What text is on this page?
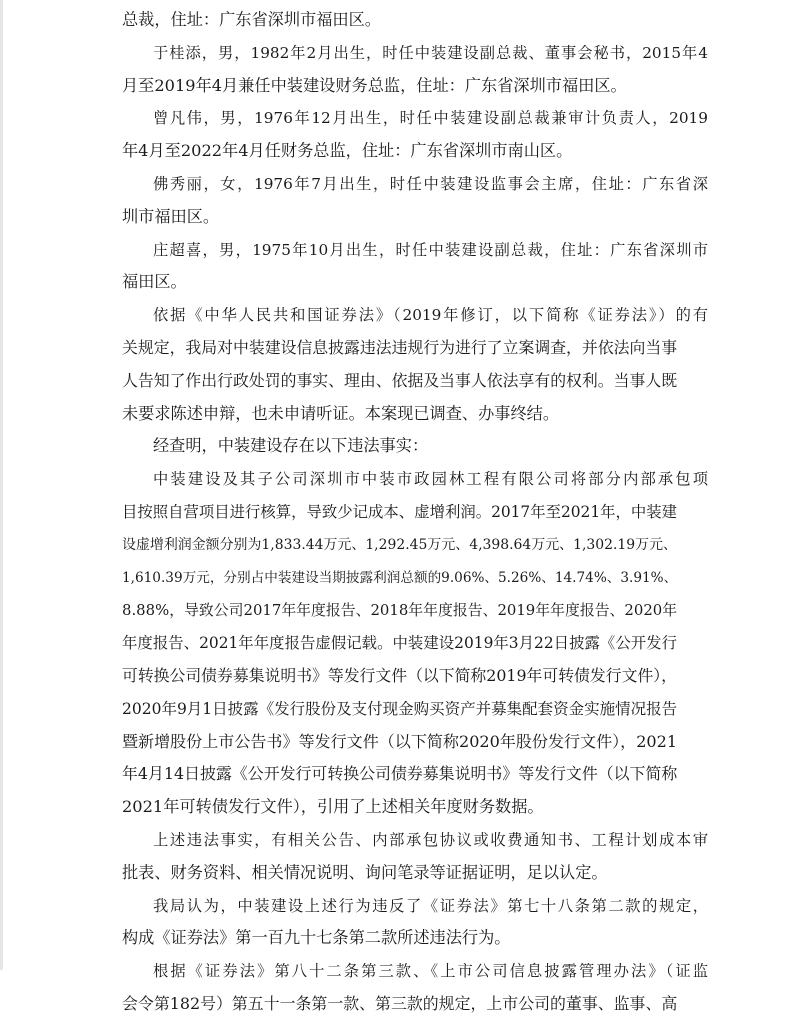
总裁，住址：广东省深圳市福田区。
于桂添，男，1982年2月出生，时任中装建设副总裁、董事会秘书，2015年4
月至2019年4月兼任中装建设财务总监，住址：广东省深圳市福田区。
曾凡伟，男，1976年12月出生，时任中装建设副总裁兼审计负责人，2019
年4月至2022年4月任财务总监，住址：广东省深圳市南山区。
佛秀丽，女，1976年7月出生，时任中装建设监事会主席，住址：广东省深
圳市福田区。
庄超喜，男，1975年10月出生，时任中装建设副总裁，住址：广东省深圳市
福田区。
依据《中华人民共和国证券法》（2019年修订，以下简称《证券法》）的有
关规定，我局对中装建设信息披露违法违规行为进行了立案调查，并依法向当事
人告知了作出行政处罚的事实、理由、依据及当事人依法享有的权利。当事人既
未要求陈述申辩，也未申请听证。本案现已调查、办事终结。
经查明，中装建设存在以下违法事实：
中装建设及其子公司深圳市中装市政园林工程有限公司将部分内部承包项
目按照自营项目进行核算，导致少记成本、虚增利润。2017年至2021年，中装建
设虚增利润金额分别为1,833.44万元、1,292.45万元、4,398.64万元、1,302.19万元、
1,610.39万元，分别占中装建设当期披露利润总额的9.06%、5.26%、14.74%、3.91%、
8.88%，导致公司2017年年度报告、2018年年度报告、2019年年度报告、2020年
年度报告、2021年年度报告虚假记载。中装建设2019年3月22日披露《公开发行
可转换公司债券募集说明书》等发行文件（以下简称2019年可转债发行文件），
2020年9月1日披露《发行股份及支付现金购买资产并募集配套资金实施情况报告
暨新增股份上市公告书》等发行文件（以下简称2020年股份发行文件），2021
年4月14日披露《公开发行可转换公司债券募集说明书》等发行文件（以下简称
2021年可转债发行文件），引用了上述相关年度财务数据。
上述违法事实，有相关公告、内部承包协议或收费通知书、工程计划成本审
批表、财务资料、相关情况说明、询问笔录等证据证明，足以认定。
我局认为，中装建设上述行为违反了《证券法》第七十八条第二款的规定，
构成《证券法》第一百九十七条第二款所述违法行为。
根据《证券法》第八十二条第三款、《上市公司信息披露管理办法》（证监
会令第182号）第五十一条第一款、第三款的规定，上市公司的董事、监事、高
